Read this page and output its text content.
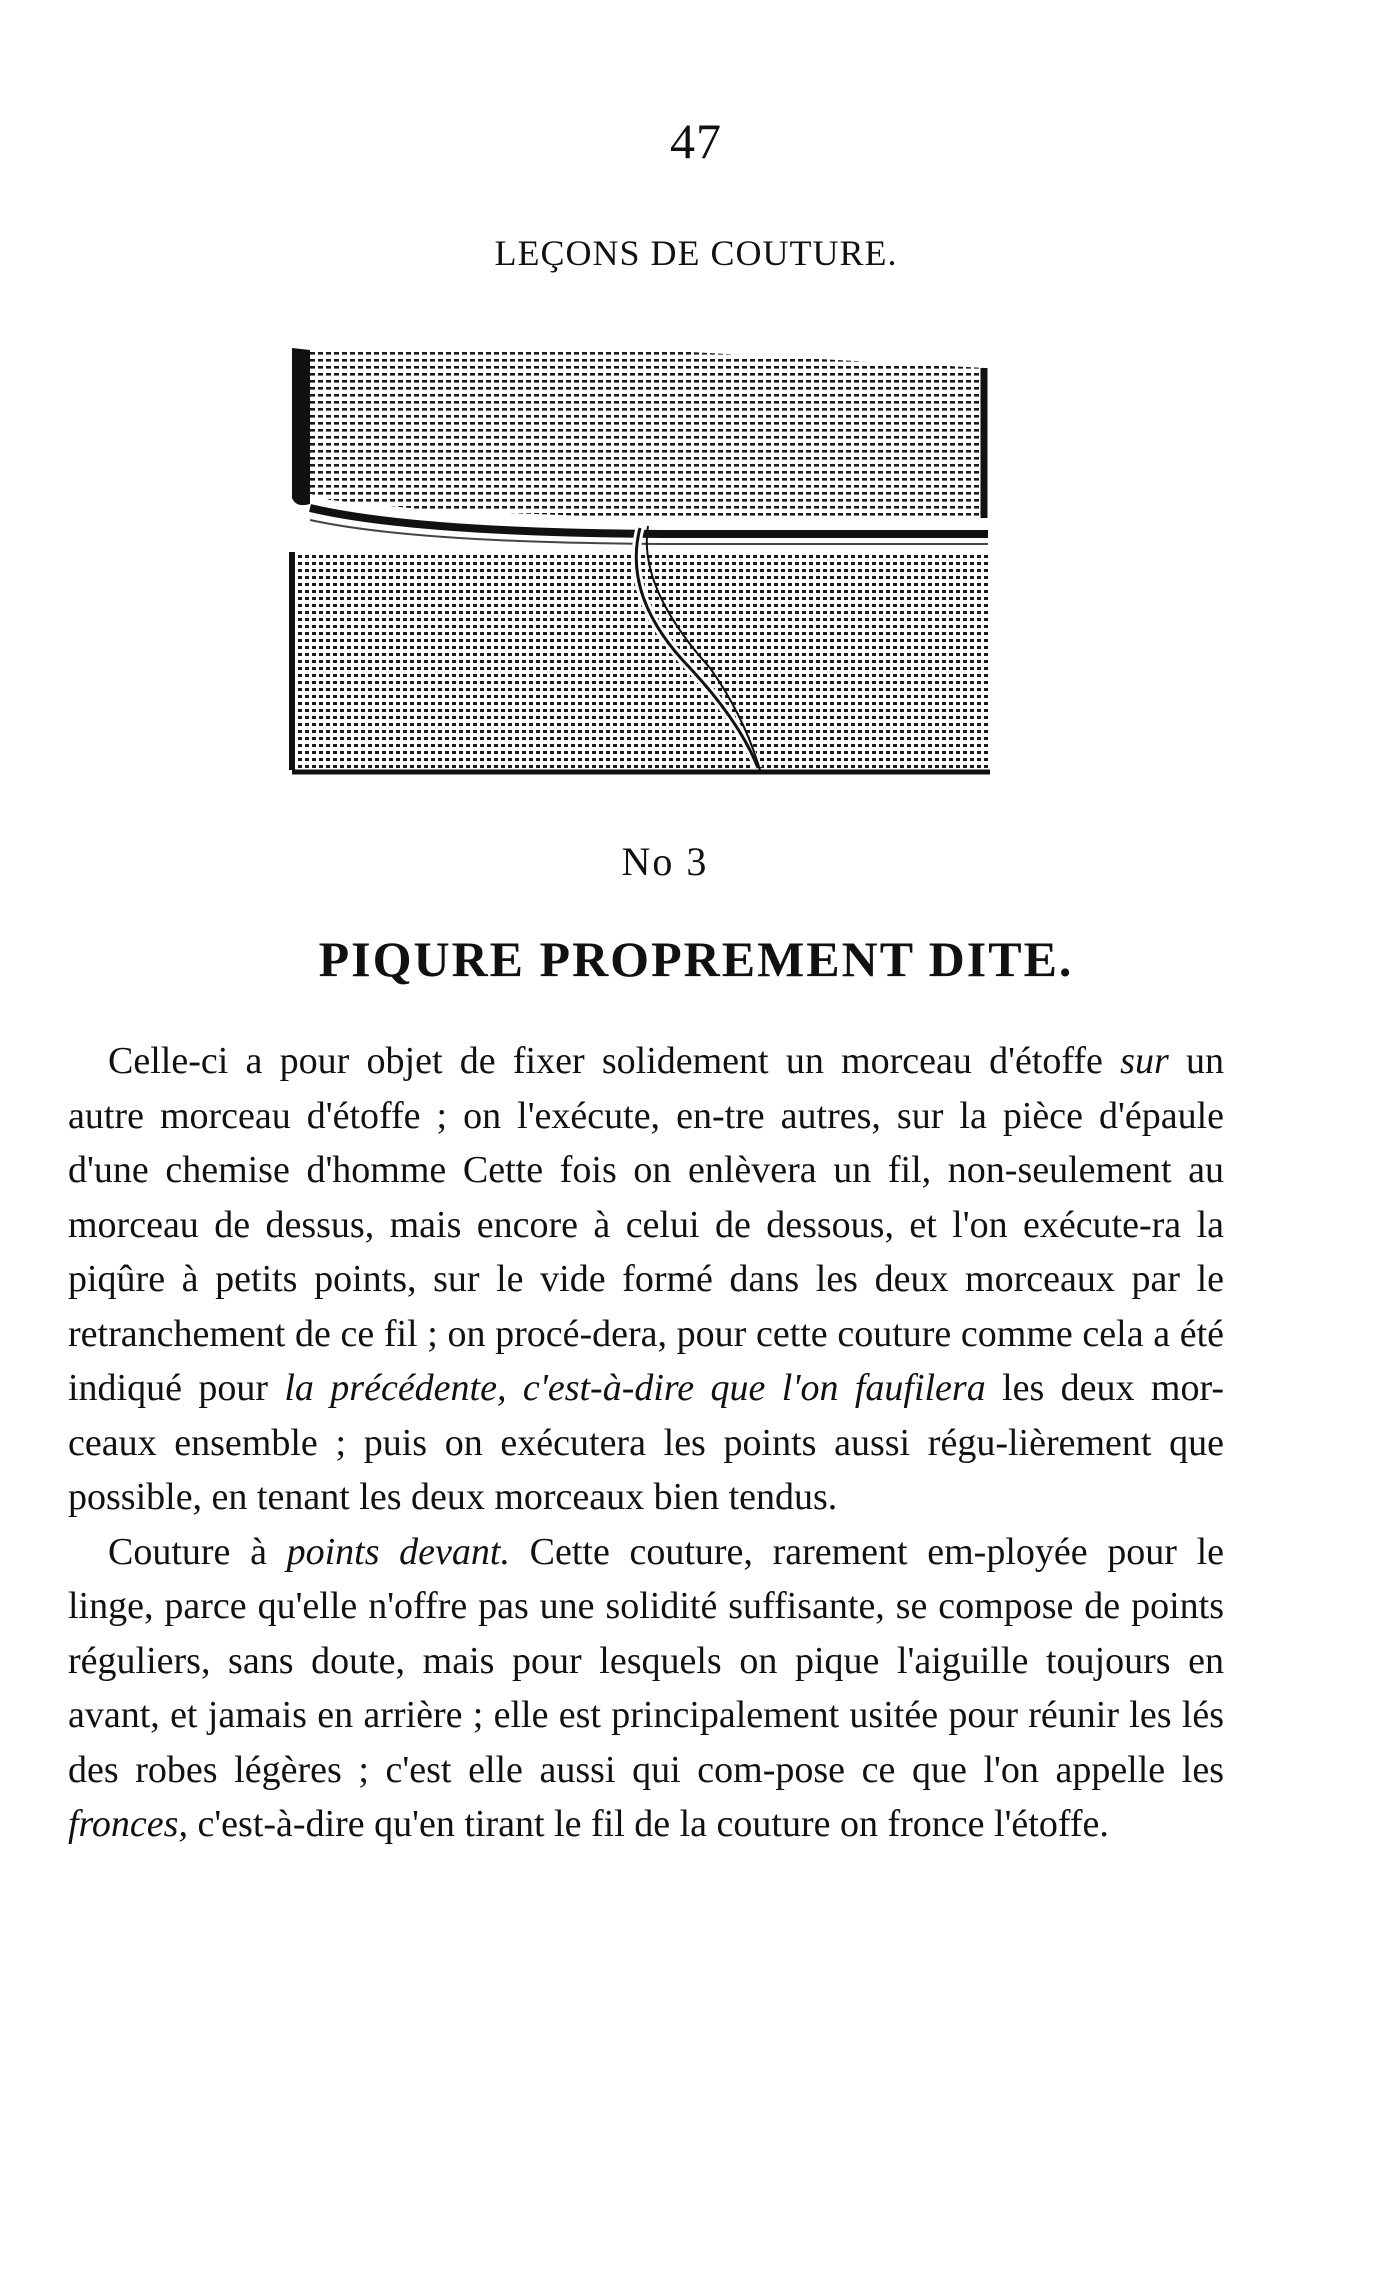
47
LEÇONS DE COUTURE.
No 3
PIQURE PROPREMENT DITE.

Celle-ci a pour objet de fixer solidement un morceau d'étoffe sur un autre morceau d'étoffe ; on l'exécute, en-tre autres, sur la pièce d'épaule d'une chemise d'homme Cette fois on enlèvera un fil, non-seulement au morceau de dessus, mais encore à celui de dessous, et l'on exécute-ra la piqûre à petits points, sur le vide formé dans les deux morceaux par le retranchement de ce fil ; on procé-dera, pour cette couture comme cela a été indiqué pour la précédente, c'est-à-dire que l'on faufilera les deux mor-ceaux ensemble ; puis on exécutera les points aussi régu-lièrement que possible, en tenant les deux morceaux bien tendus.

Couture à points devant. Cette couture, rarement em-ployée pour le linge, parce qu'elle n'offre pas une solidité suffisante, se compose de points réguliers, sans doute, mais pour lesquels on pique l'aiguille toujours en avant, et jamais en arrière ; elle est principalement usitée pour réunir les lés des robes légères ; c'est elle aussi qui com-pose ce que l'on appelle les fronces, c'est-à-dire qu'en tirant le fil de la couture on fronce l'étoffe.
